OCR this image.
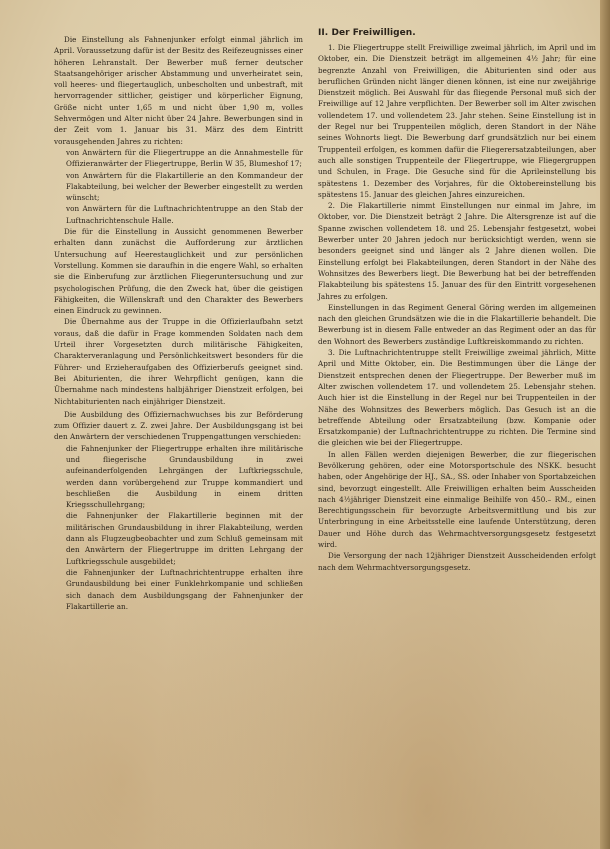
Die Einstellung als Fahnenjunker erfolgt einmal jährlich im April. Voraussetzung dafür ist der Besitz des Reifezeugnisses einer höheren Lehranstalt. Der Bewerber muß ferner deutscher Staatsangehöriger arischer Abstammung und unverheiratet sein, voll heeres- und fliegertauglich, unbescholten und unbestraft, mit hervorragender sittlicher, geistiger und körperlicher Eignung, Größe nicht unter 1,65 m und nicht über 1,90 m, volles Sehvermögen und Alter nicht über 24 Jahre. Bewerbungen sind in der Zeit vom 1. Januar bis 31. März des dem Eintritt vorausgehenden Jahres zu richten:

von Anwärtern für die Fliegertruppe an die Annahmestelle für Offizieranwärter der Fliegertruppe, Berlin W 35, Blumeshof 17;

von Anwärtern für die Flakartillerie an den Kommandeur der Flakabteilung, bei welcher der Bewerber eingestellt zu werden wünscht;

von Anwärtern für die Luftnachrichtentruppe an den Stab der Luftnachrichtenschule Halle.

Die für die Einstellung in Aussicht genommenen Bewerber erhalten dann zunächst die Aufforderung zur ärztlichen Untersuchung auf Heerestauglichkeit und zur persönlichen Vorstellung. Kommen sie daraufhin in die engere Wahl, so erhalten sie die Einberufung zur ärztlichen Fliegeruntersuchung und zur psychologischen Prüfung, die den Zweck hat, über die geistigen Fähigkeiten, die Willenskraft und den Charakter des Bewerbers einen Eindruck zu gewinnen.

Die Übernahme aus der Truppe in die Offizierlaufbahn setzt voraus, daß die dafür in Frage kommenden Soldaten nach dem Urteil ihrer Vorgesetzten durch militärische Fähigkeiten, Charakterveranlagung und Persönlichkeitswert besonders für die Führer- und Erzieheraufgaben des Offizierberufs geeignet sind. Bei Abiturienten, die ihrer Wehrpflicht genügen, kann die Übernahme nach mindestens halbjähriger Dienstzeit erfolgen, bei Nichtabiturienten nach einjähriger Dienstzeit.

Die Ausbildung des Offiziernachwuchses bis zur Beförderung zum Offizier dauert z. Z. zwei Jahre. Der Ausbildungsgang ist bei den Anwärtern der verschiedenen Truppengattungen verschieden:

die Fahnenjunker der Fliegertruppe erhalten ihre militärische und fliegerische Grundausbildung in zwei aufeinanderfolgenden Lehrgängen der Luftkriegsschule, werden dann vorübergehend zur Truppe kommandiert und beschließen die Ausbildung in einem dritten Kriegsschullehrgang;

die Fahnenjunker der Flakartillerie beginnen mit der militärischen Grundausbildung in ihrer Flakabteilung, werden dann als Flugzeugbeobachter und zum Schluß gemeinsam mit den Anwärtern der Fliegertruppe im dritten Lehrgang der Luftkriegsschule ausgebildet;

die Fahnenjunker der Luftnachrichtentruppe erhalten ihre Grundausbildung bei einer Funklehrkompanie und schließen sich danach dem Ausbildungsgang der Fahnenjunker der Flakartillerie an.

II. Der Freiwilligen.

1. Die Fliegertruppe stellt Freiwillige zweimal jährlich, im April und im Oktober, ein. Die Dienstzeit beträgt im allgemeinen 4½ Jahr; für eine begrenzte Anzahl von Freiwilligen, die Abiturienten sind oder aus beruflichen Gründen nicht länger dienen können, ist eine nur zweijährige Dienstzeit möglich. Bei Auswahl für das fliegende Personal muß sich der Freiwillige auf 12 Jahre verpflichten. Der Bewerber soll im Alter zwischen vollendetem 17. und vollendetem 23. Jahr stehen. Seine Einstellung ist in der Regel nur bei Truppenteilen möglich, deren Standort in der Nähe seines Wohnorts liegt. Die Bewerbung darf grundsätzlich nur bei einem Truppenteil erfolgen, es kommen dafür die Fliegerersatzabteilungen, aber auch alle sonstigen Truppenteile der Fliegertruppe, wie Fliegergruppen und Schulen, in Frage. Die Gesuche sind für die Aprileinstellung bis spätestens 1. Dezember des Vorjahres, für die Oktobereinstellung bis spätestens 15. Januar des gleichen Jahres einzureichen.

2. Die Flakartillerie nimmt Einstellungen nur einmal im Jahre, im Oktober, vor. Die Dienstzeit beträgt 2 Jahre. Die Altersgrenze ist auf die Spanne zwischen vollendetem 18. und 25. Lebensjahr festgesetzt, wobei Bewerber unter 20 Jahren jedoch nur berücksichtigt werden, wenn sie besonders geeignet sind und länger als 2 Jahre dienen wollen. Die Einstellung erfolgt bei Flakabteilungen, deren Standort in der Nähe des Wohnsitzes des Bewerbers liegt. Die Bewerbung hat bei der betreffenden Flakabteilung bis spätestens 15. Januar des für den Eintritt vorgesehenen Jahres zu erfolgen.

Einstellungen in das Regiment General Göring werden im allgemeinen nach den gleichen Grundsätzen wie die in die Flakartillerie behandelt. Die Bewerbung ist in diesem Falle entweder an das Regiment oder an das für den Wohnort des Bewerbers zuständige Luftkreiskommando zu richten.

3. Die Luftnachrichtentruppe stellt Freiwillige zweimal jährlich, Mitte April und Mitte Oktober, ein. Die Bestimmungen über die Länge der Dienstzeit entsprechen denen der Fliegertruppe. Der Bewerber muß im Alter zwischen vollendetem 17. und vollendetem 25. Lebensjahr stehen. Auch hier ist die Einstellung in der Regel nur bei Truppenteilen in der Nähe des Wohnsitzes des Bewerbers möglich. Das Gesuch ist an die betreffende Abteilung oder Ersatzabteilung (bzw. Kompanie oder Ersatzkompanie) der Luftnachrichtentruppe zu richten. Die Termine sind die gleichen wie bei der Fliegertruppe.

In allen Fällen werden diejenigen Bewerber, die zur fliegerischen Bevölkerung gehören, oder eine Motorsportschule des NSKK. besucht haben, oder Angehörige der HJ., SA., SS. oder Inhaber von Sportabzeichen sind, bevorzugt eingestellt. Alle Freiwilligen erhalten beim Ausscheiden nach 4½jähriger Dienstzeit eine einmalige Beihilfe von 450.– RM., einen Berechtigungsschein für bevorzugte Arbeitsvermittlung und bis zur Unterbringung in eine Arbeitsstelle eine laufende Unterstützung, deren Dauer und Höhe durch das Wehrmachtversorgungsgesetz festgesetzt wird.

Die Versorgung der nach 12jähriger Dienstzeit Ausscheidenden erfolgt nach dem Wehrmachtversorgungsgesetz.
